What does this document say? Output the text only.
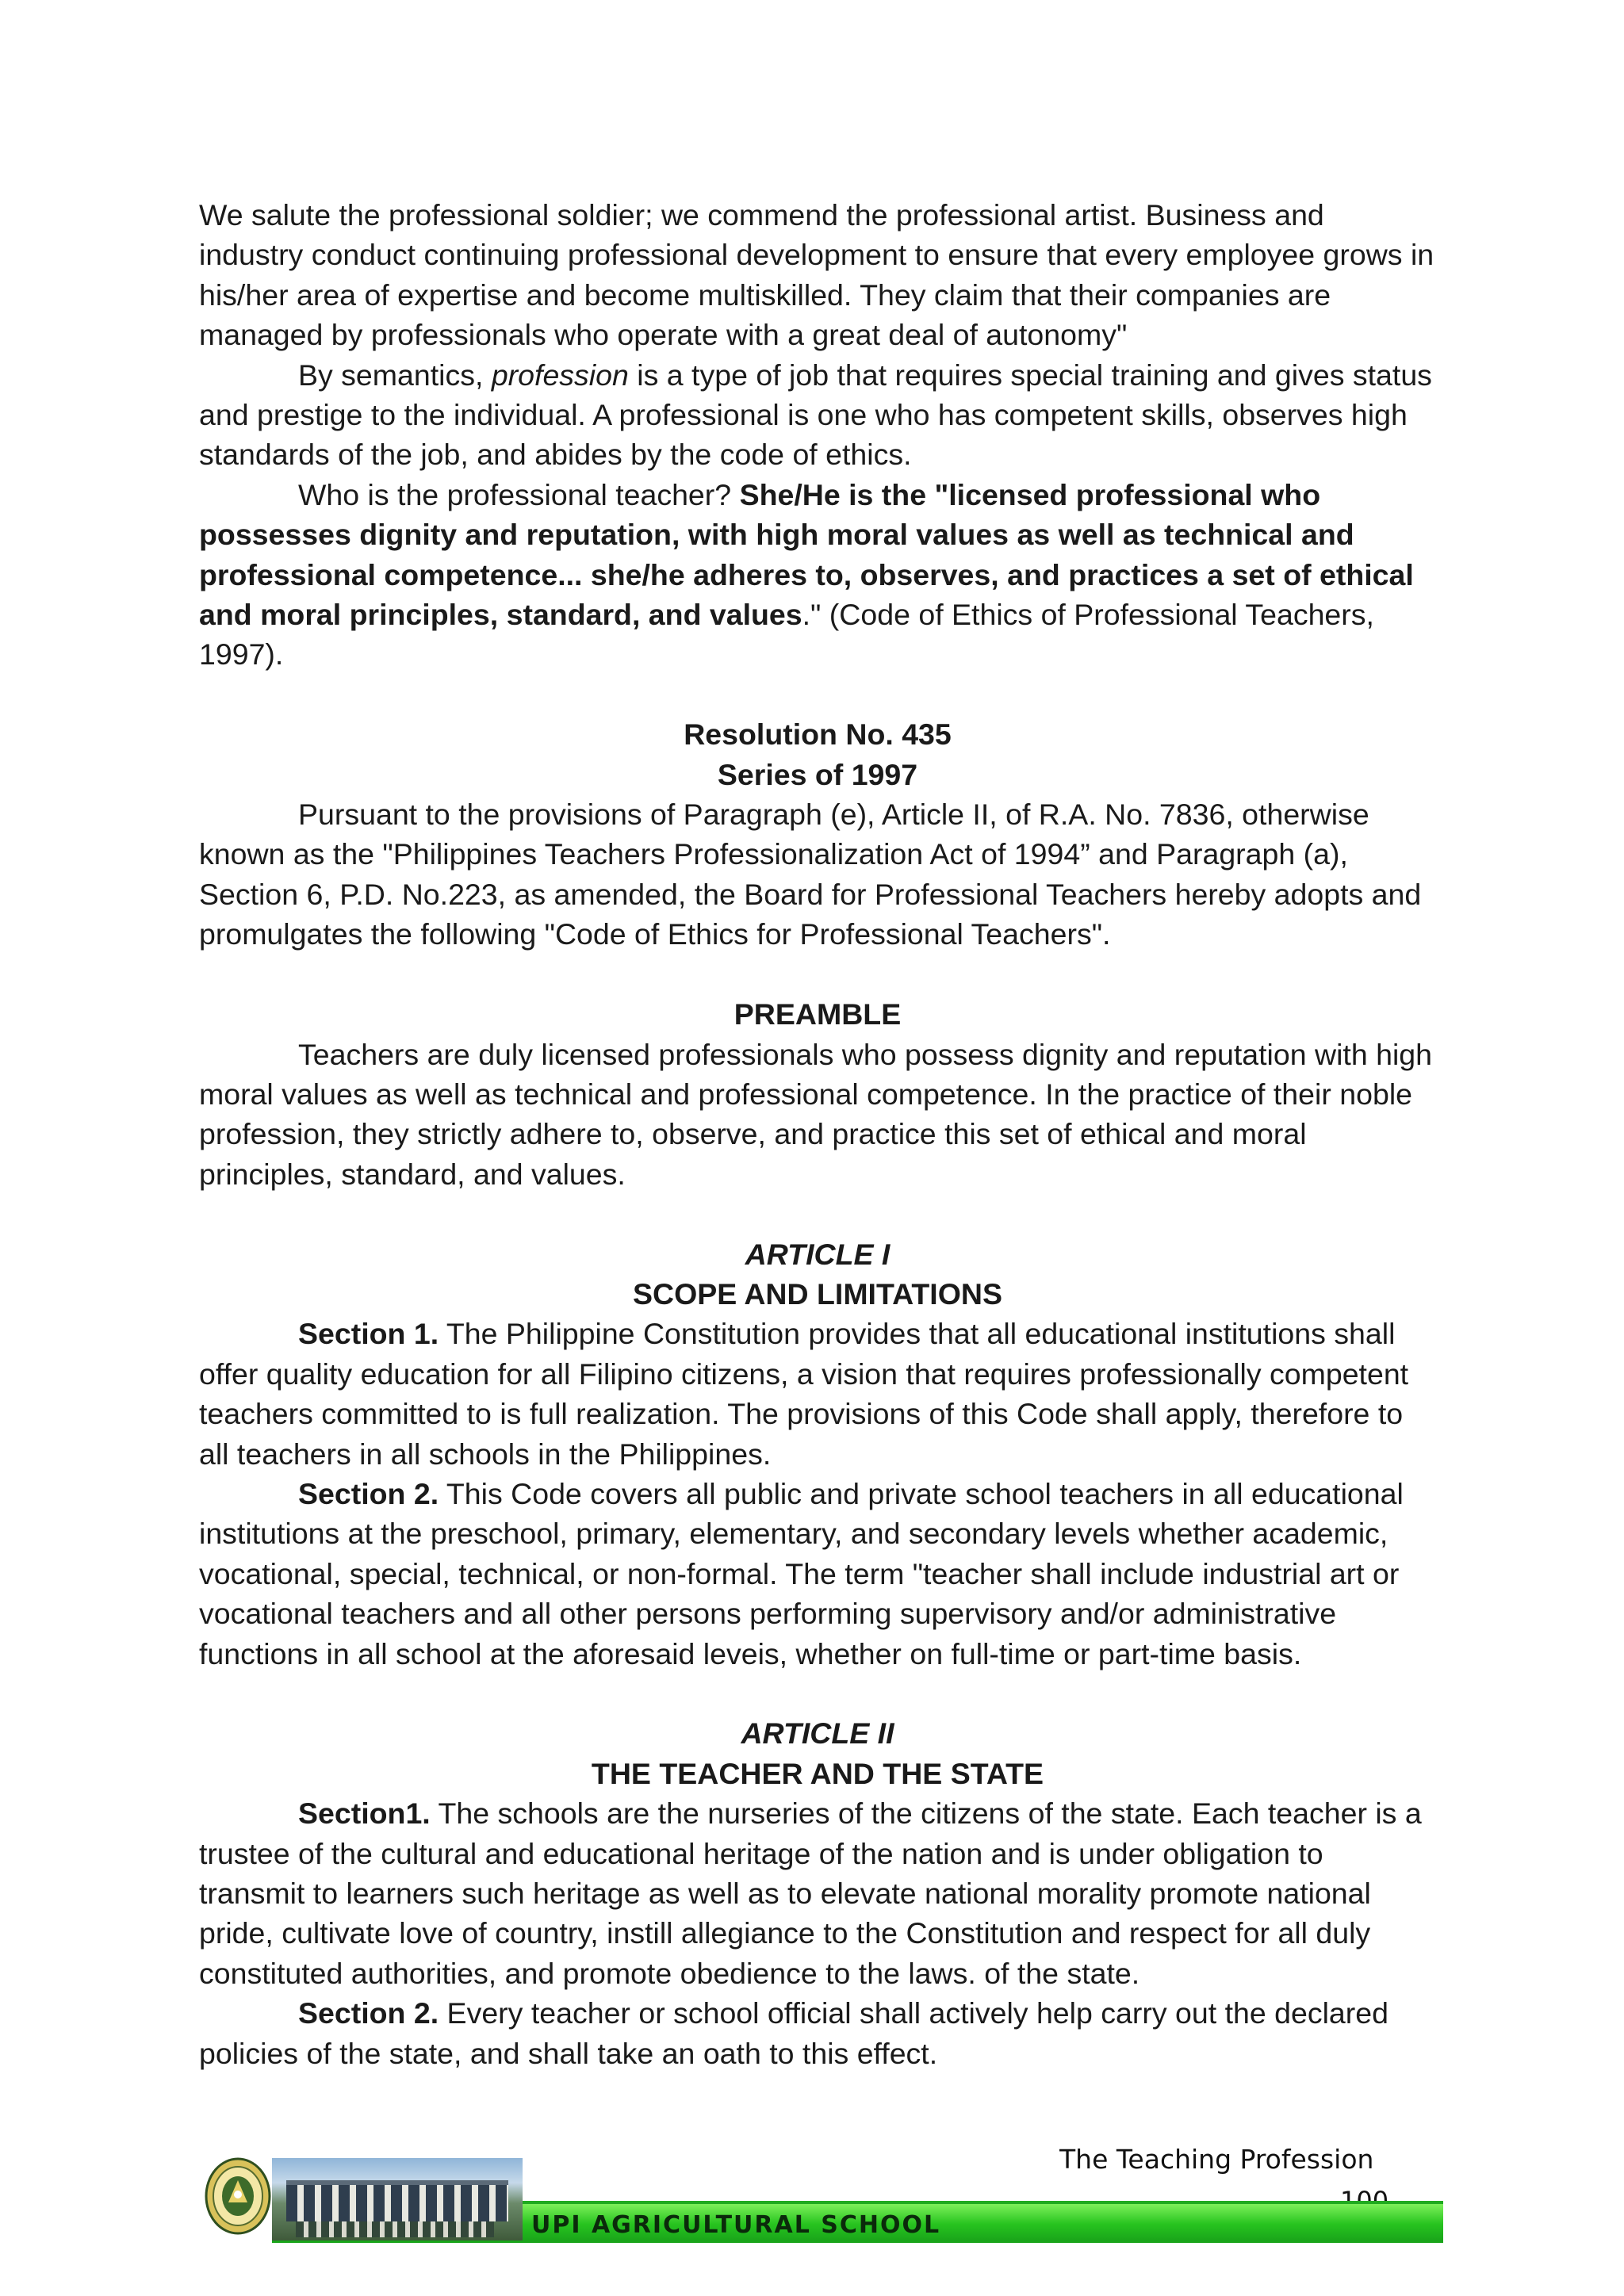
We salute the professional soldier; we commend the professional artist. Business and industry conduct continuing professional development to ensure that every employee grows in his/her area of expertise and become multiskilled. They claim that their companies are managed by professionals who operate with a great deal of autonomy"

By semantics, profession is a type of job that requires special training and gives status and prestige to the individual. A professional is one who has competent skills, observes high standards of the job, and abides by the code of ethics.

Who is the professional teacher? She/He is the "licensed professional who possesses dignity and reputation, with high moral values as well as technical and professional competence... she/he adheres to, observes, and practices a set of ethical and moral principles, standard, and values." (Code of Ethics of Professional Teachers, 1997).

Resolution No. 435

Series of 1997

Pursuant to the provisions of Paragraph (e), Article II, of R.A. No. 7836, otherwise known as the "Philippines Teachers Professionalization Act of 1994” and Paragraph (a), Section 6, P.D. No.223, as amended, the Board for Professional Teachers hereby adopts and promulgates the following "Code of Ethics for Professional Teachers".

PREAMBLE

Teachers are duly licensed professionals who possess dignity and reputation with high moral values as well as technical and professional competence. In the practice of their noble profession, they strictly adhere to, observe, and practice this set of ethical and moral principles, standard, and values.

ARTICLE I

SCOPE AND LIMITATIONS

Section 1. The Philippine Constitution provides that all educational institutions shall offer quality education for all Filipino citizens, a vision that requires professionally competent teachers committed to is full realization. The provisions of this Code shall apply, therefore to all teachers in all schools in the Philippines.

Section 2. This Code covers all public and private school teachers in all educational institutions at the preschool, primary, elementary, and secondary levels whether academic, vocational, special, technical, or non-formal. The term "teacher shall include industrial art or vocational teachers and all other persons performing supervisory and/or administrative functions in all school at the aforesaid leveis, whether on full-time or part-time basis.

ARTICLE II

THE TEACHER AND THE STATE

Section1. The schools are the nurseries of the citizens of the state. Each teacher is a trustee of the cultural and educational heritage of the nation and is under obligation to transmit to learners such heritage as well as to elevate national morality promote national pride, cultivate love of country, instill allegiance to the Constitution and respect for all duly constituted authorities, and promote obedience to the laws. of the state.

Section 2. Every teacher or school official shall actively help carry out the declared policies of the state, and shall take an oath to this effect.

The Teaching Profession
UPI AGRICULTURAL SCHOOL
